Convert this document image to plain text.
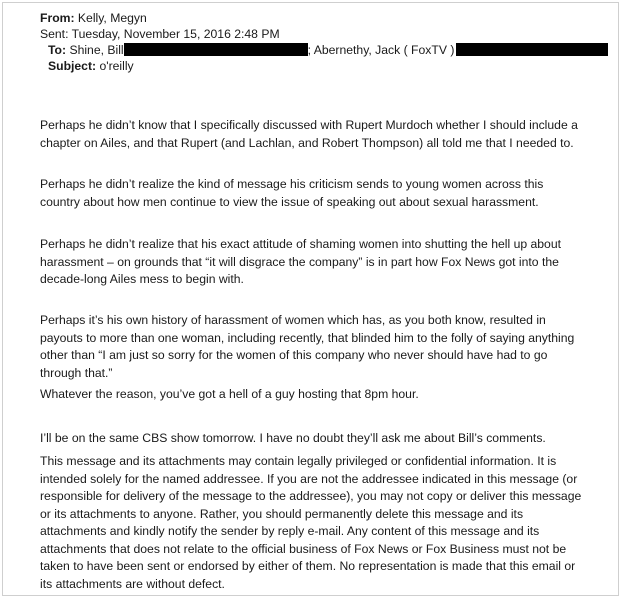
From: Kelly, Megyn
Sent: Tuesday, November 15, 2016 2:48 PM
To: Shine, Bill	; Abernethy, Jack ( FoxTV )
Subject: o'reilly

Perhaps he didn’t know that I specifically discussed with Rupert Murdoch whether I should include a chapter on Ailes, and that Rupert (and Lachlan, and Robert Thompson) all told me that I needed to.

Perhaps he didn’t realize the kind of message his criticism sends to young women across this country about how men continue to view the issue of speaking out about sexual harassment.

Perhaps he didn’t realize that his exact attitude of shaming women into shutting the hell up about harassment – on grounds that “it will disgrace the company” is in part how Fox News got into the decade-long Ailes mess to begin with.

Perhaps it’s his own history of harassment of women which has, as you both know, resulted in payouts to more than one woman, including recently, that blinded him to the folly of saying anything other than “I am just so sorry for the women of this company who never should have had to go through that.”

Whatever the reason, you’ve got a hell of a guy hosting that 8pm hour.

I’ll be on the same CBS show tomorrow. I have no doubt they’ll ask me about Bill’s comments.

This message and its attachments may contain legally privileged or confidential information. It is intended solely for the named addressee. If you are not the addressee indicated in this message (or responsible for delivery of the message to the addressee), you may not copy or deliver this message or its attachments to anyone. Rather, you should permanently delete this message and its attachments and kindly notify the sender by reply e-mail. Any content of this message and its attachments that does not relate to the official business of Fox News or Fox Business must not be taken to have been sent or endorsed by either of them. No representation is made that this email or its attachments are without defect.
